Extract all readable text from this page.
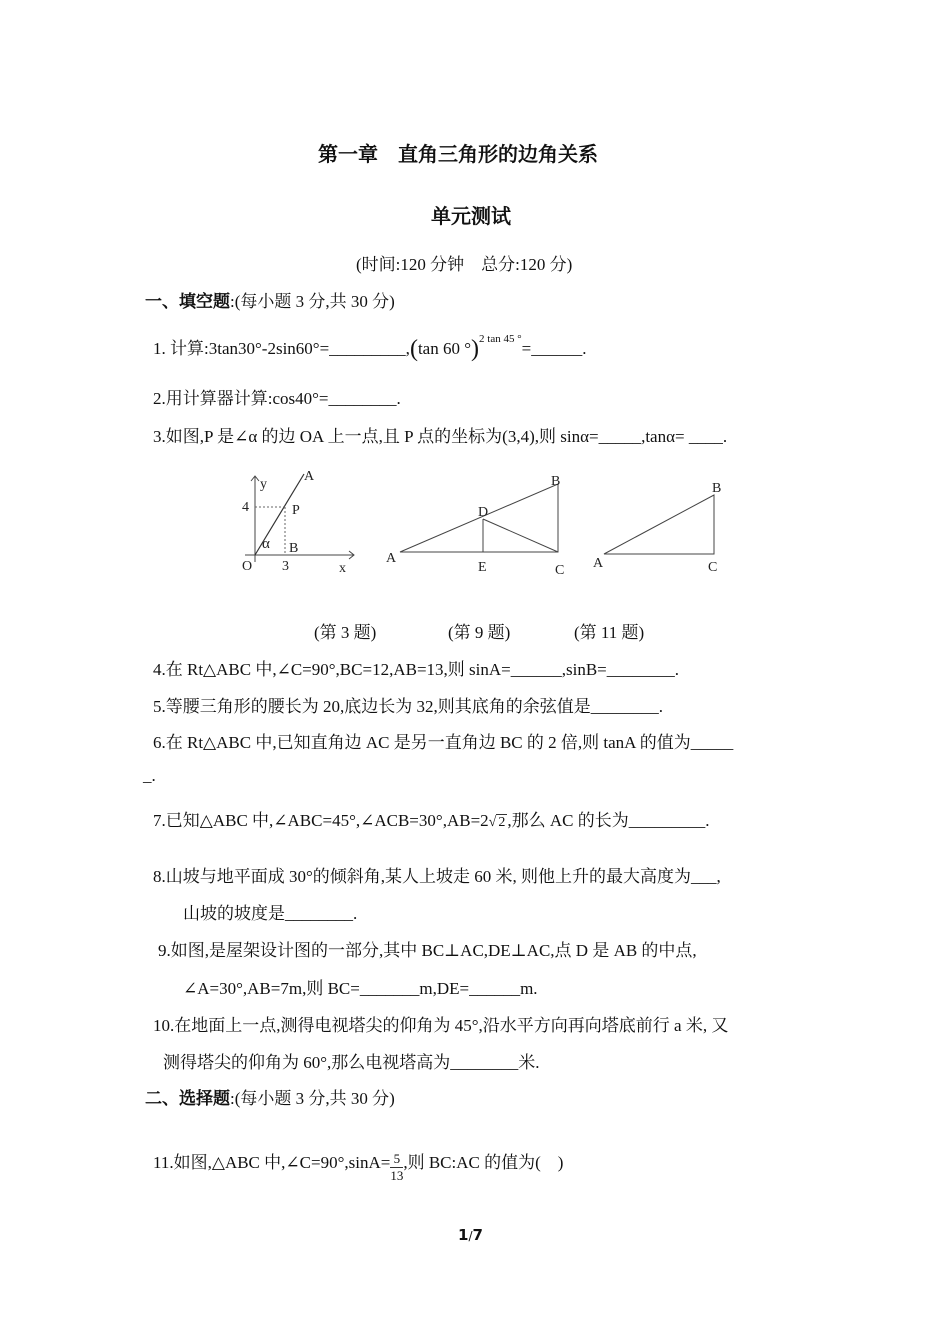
第一章　直角三角形的边角关系
单元测试
(时间:120 分钟　总分:120 分)
一、填空题:(每小题 3 分,共 30 分)
1. 计算:3tan30°-2sin60°=_________,(tan 60 °)$^{2 tan 45 ^\circ}$=______.
2.用计算器计算:cos40°=________.
3.如图,P 是∠α 的边 OA 上一点,且 P 点的坐标为(3,4),则 sinα=_____,tanα= ____.
y
A
4	P
α B
O 3	x
A
B
C
D
E	A
B
C
(第 3 题)	(第 9 题)	(第 11 题)
4.在 Rt△ABC 中,∠C=90°,BC=12,AB=13,则 sinA=______,sinB=________.
5.等腰三角形的腰长为 20,底边长为 32,则其底角的余弦值是________.
6.在 Rt△ABC 中,已知直角边 AC 是另一直角边 BC 的 2 倍,则 tanA 的值为_____
_.
7.已知△ABC 中,∠ABC=45°,∠ACB=30°,AB=2√ 2 ,那么 AC 的长为_________.
8.山坡与地平面成 30°的倾斜角,某人上坡走 60 米, 则他上升的最大高度为___,
山坡的坡度是________.
9.如图,是屋架设计图的一部分,其中 BC⊥AC,DE⊥AC,点 D 是 AB 的中点,
∠A=30°,AB=7m,则 BC=_______m,DE=______m.
10.在地面上一点,测得电视塔尖的仰角为 45°,沿水平方向再向塔底前行 a 米, 又
测得塔尖的仰角为 60°,那么电视塔高为________米.
二、选择题:(每小题 3 分,共 30 分)
11.如图,△ABC 中,∠C=90°,sinA= $\frac{5}{13}$ ,则 BC:AC 的值为(　)
1/7
